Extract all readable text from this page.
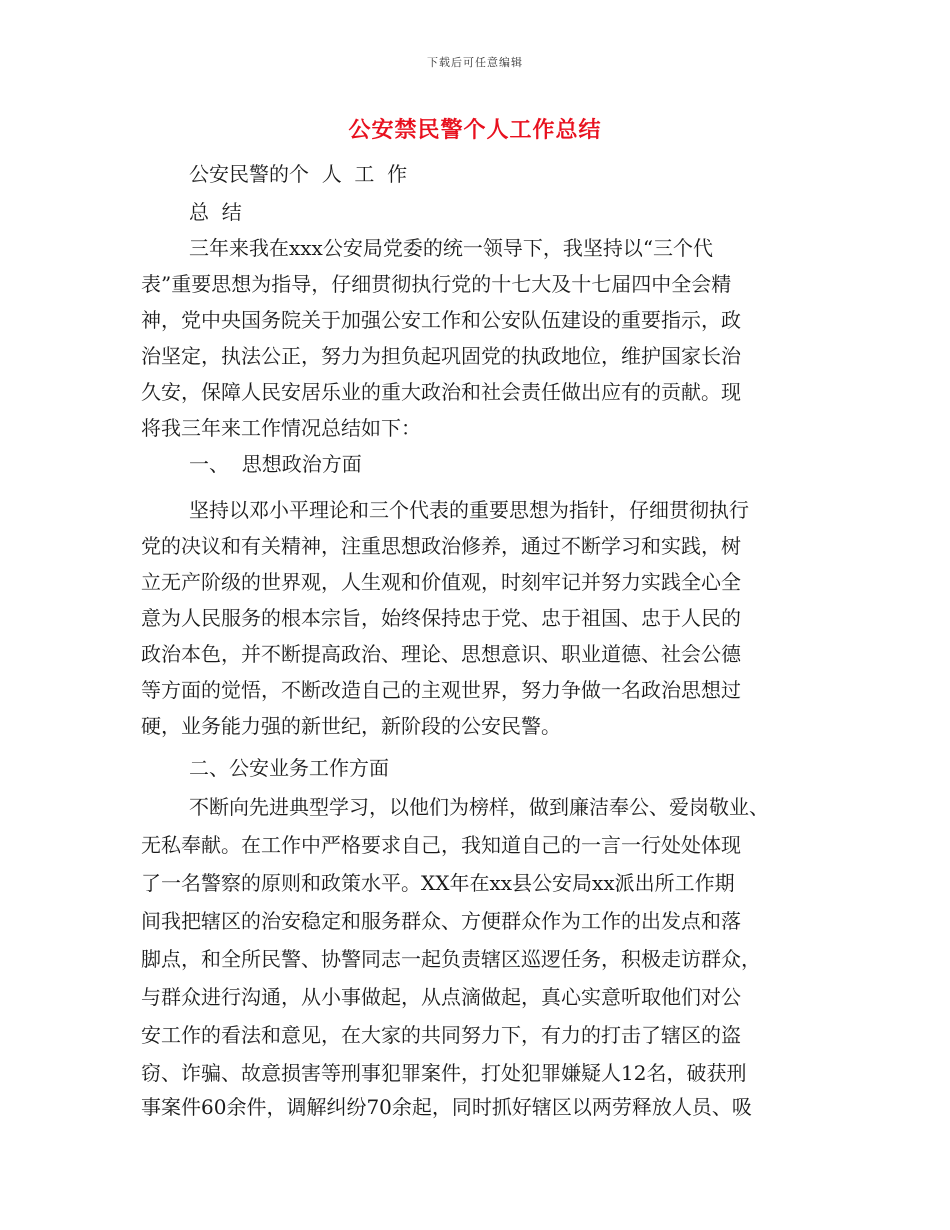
下载后可任意编辑
公安禁民警个人工作总结
公安民警的个  人  工  作
总  结
三年来我在xxx公安局党委的统一领导下，我坚持以“三个代
表”重要思想为指导，仔细贯彻执行党的十七大及十七届四中全会精
神，党中央国务院关于加强公安工作和公安队伍建设的重要指示，政
治坚定，执法公正，努力为担负起巩固党的执政地位，维护国家长治
久安，保障人民安居乐业的重大政治和社会责任做出应有的贡献。现
将我三年来工作情况总结如下：
一、  思想政治方面
坚持以邓小平理论和三个代表的重要思想为指针，仔细贯彻执行
党的决议和有关精神，注重思想政治修养，通过不断学习和实践，树
立无产阶级的世界观，人生观和价值观，时刻牢记并努力实践全心全
意为人民服务的根本宗旨，始终保持忠于党、忠于祖国、忠于人民的
政治本色，并不断提高政治、理论、思想意识、职业道德、社会公德
等方面的觉悟，不断改造自己的主观世界，努力争做一名政治思想过
硬，业务能力强的新世纪，新阶段的公安民警。
二、公安业务工作方面
不断向先进典型学习，以他们为榜样，做到廉洁奉公、爱岗敬业、
无私奉献。在工作中严格要求自己，我知道自己的一言一行处处体现
了一名警察的原则和政策水平。XX年在xx县公安局xx派出所工作期
间我把辖区的治安稳定和服务群众、方便群众作为工作的出发点和落
脚点，和全所民警、协警同志一起负责辖区巡逻任务，积极走访群众，
与群众进行沟通，从小事做起，从点滴做起，真心实意听取他们对公
安工作的看法和意见，在大家的共同努力下，有力的打击了辖区的盗
窃、诈骗、故意损害等刑事犯罪案件，打处犯罪嫌疑人12名，破获刑
事案件60余件，调解纠纷70余起，同时抓好辖区以两劳释放人员、吸
